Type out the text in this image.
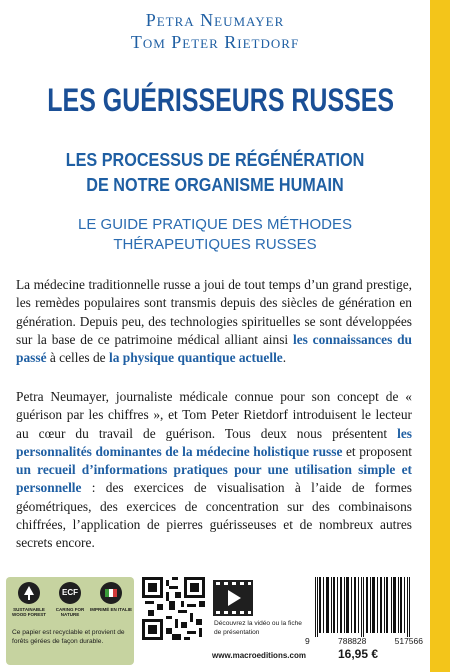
Petra Neumayer
Tom Peter Rietdorf
LES GUÉRISSEURS RUSSES
LES PROCESSUS DE RÉGÉNÉRATION
DE NOTRE ORGANISME HUMAIN
LE GUIDE PRATIQUE DES MÉTHODES
THÉRAPEUTIQUES RUSSES
La médecine traditionnelle russe a joui de tout temps d’un grand prestige, les remèdes populaires sont transmis depuis des siècles de génération en génération. Depuis peu, des technologies spirituelles se sont développées sur la base de ce patrimoine médical alliant ainsi les connaissances du passé à celles de la physique quantique actuelle.
Petra Neumayer, journaliste médicale connue pour son concept de « guérison par les chiffres », et Tom Peter Rietdorf introduisent le lecteur au cœur du travail de guérison. Tous deux nous présentent les personnalités dominantes de la médecine holistique russe et proposent un recueil d’informations pratiques pour une utilisation simple et personnelle : des exercices de visualisation à l’aide de formes géométriques, des exercices de concentration sur des combinaisons chiffrées, l’application de pierres guérisseuses et de nombreux autres secrets encore.
ECF
SUSTAINABLE WOOD FOREST
CARING FOR NATURE
IMPRIMÉ EN ITALIE
Ce papier est recyclable et provient de forêts gérées de façon durable.
Découvrez la vidéo ou la fiche de présentation
www.macroeditions.com
9	788828	517566
16,95 €
